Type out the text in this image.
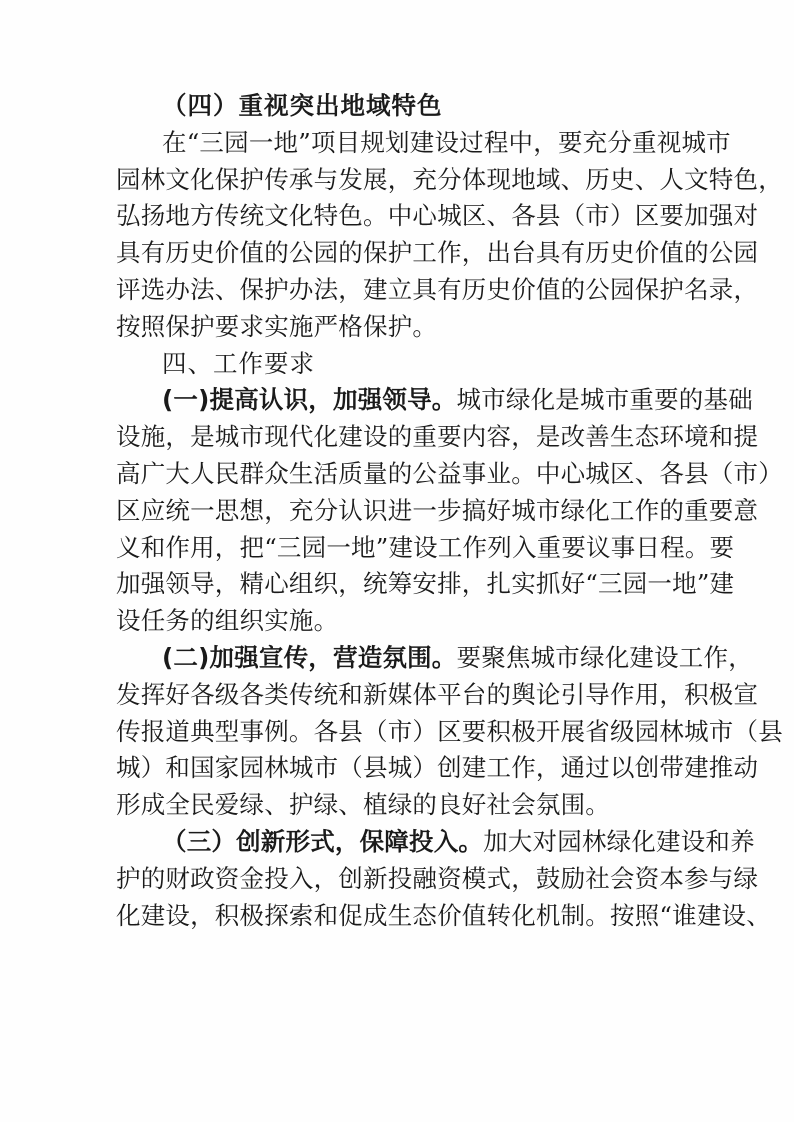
（四）重视突出地域特色
在“三园一地”项目规划建设过程中，要充分重视城市
园林文化保护传承与发展，充分体现地域、历史、人文特色，
弘扬地方传统文化特色。中心城区、各县（市）区要加强对
具有历史价值的公园的保护工作，出台具有历史价值的公园
评选办法、保护办法，建立具有历史价值的公园保护名录，
按照保护要求实施严格保护。
四、工作要求
(一)提高认识，加强领导。城市绿化是城市重要的基础
设施，是城市现代化建设的重要内容，是改善生态环境和提
高广大人民群众生活质量的公益事业。中心城区、各县（市）
区应统一思想，充分认识进一步搞好城市绿化工作的重要意
义和作用，把“三园一地”建设工作列入重要议事日程。要
加强领导，精心组织，统筹安排，扎实抓好“三园一地”建
设任务的组织实施。
(二)加强宣传，营造氛围。要聚焦城市绿化建设工作，
发挥好各级各类传统和新媒体平台的舆论引导作用，积极宣
传报道典型事例。各县（市）区要积极开展省级园林城市（县
城）和国家园林城市（县城）创建工作，通过以创带建推动
形成全民爱绿、护绿、植绿的良好社会氛围。
（三）创新形式，保障投入。加大对园林绿化建设和养
护的财政资金投入，创新投融资模式，鼓励社会资本参与绿
化建设，积极探索和促成生态价值转化机制。按照“谁建设、
